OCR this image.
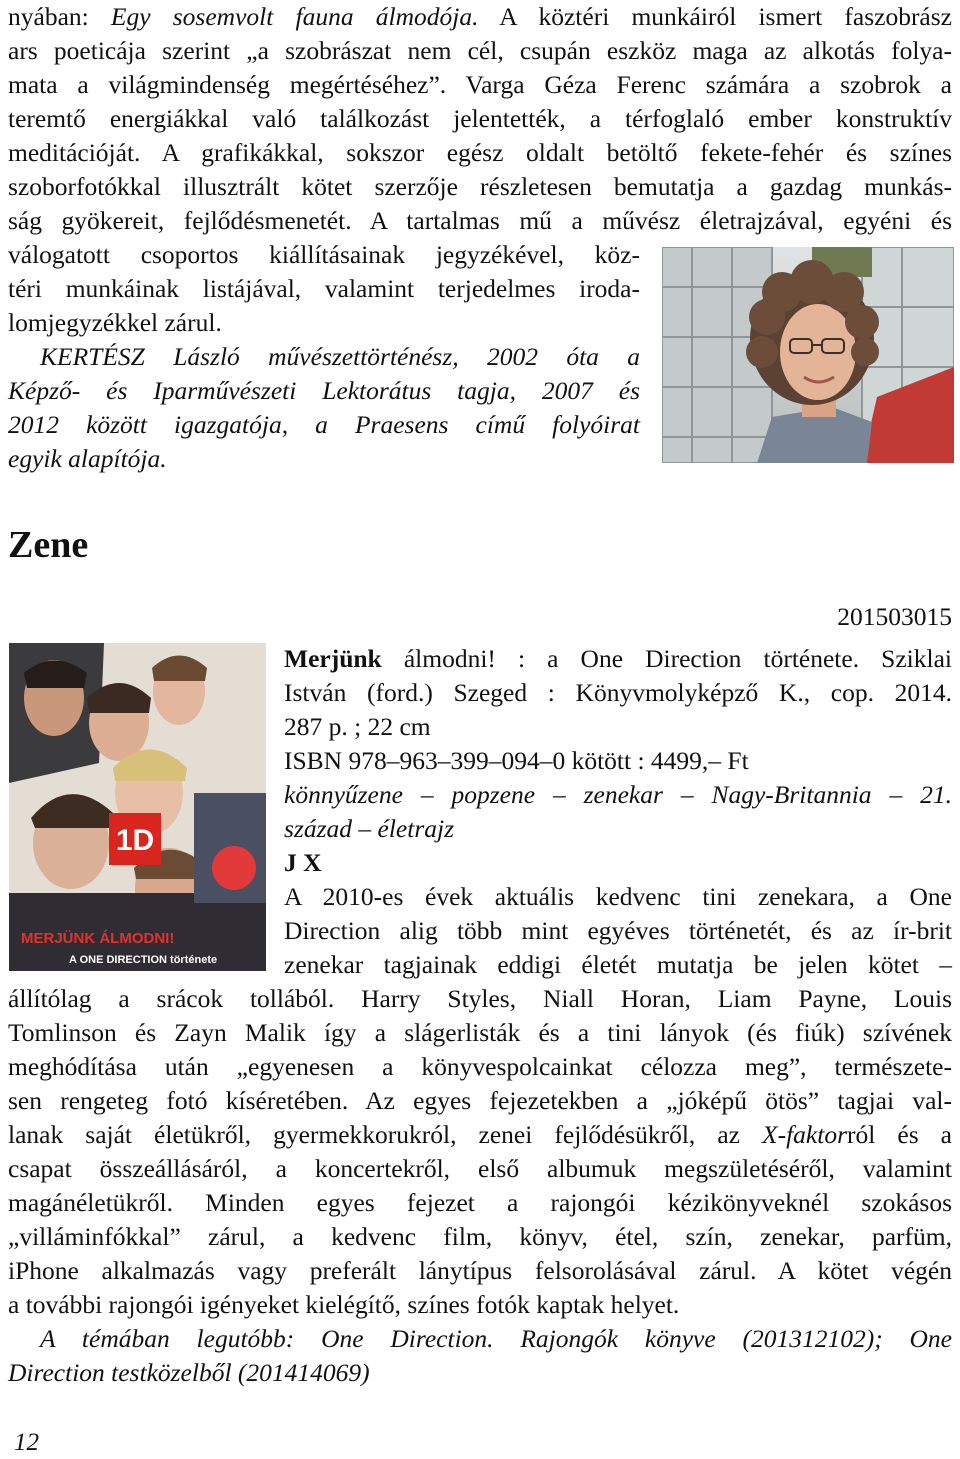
nyában: Egy sosemvolt fauna álmodója. A köztéri munkáiról ismert faszobrász
ars poeticája szerint „a szobrászat nem cél, csupán eszköz maga az alkotás folya-
mata a világmindenség megértéséhez”. Varga Géza Ferenc számára a szobrok a
teremtő energiákkal való találkozást jelentették, a térfoglaló ember konstruktív
meditációját. A grafikákkal, sokszor egész oldalt betöltő fekete-fehér és színes
szoborfotókkal illusztrált kötet szerzője részletesen bemutatja a gazdag munkás-
ság gyökereit, fejlődésmenetét. A tartalmas mű a művész életrajzával, egyéni és
válogatott csoportos kiállításainak jegyzékével, köz-
téri munkáinak listájával, valamint terjedelmes iroda-
lomjegyzékkel zárul.
KERTÉSZ László művészettörténész, 2002 óta a
Képző- és Iparművészeti Lektorátus tagja, 2007 és
2012 között igazgatója, a Praesens című folyóirat
egyik alapítója.
Zene
201503015
1D
MERJÜNK ÁLMODNI!
A ONE DIRECTION története
Merjünk álmodni! : a One Direction története. Sziklai
István (ford.) Szeged : Könyvmolyképző K., cop. 2014.
287 p. ; 22 cm
ISBN 978–963–399–094–0 kötött : 4499,– Ft
könnyűzene – popzene – zenekar – Nagy-Britannia – 21.
század – életrajz
J X
A 2010-es évek aktuális kedvenc tini zenekara, a One
Direction alig több mint egyéves történetét, és az ír-brit
zenekar tagjainak eddigi életét mutatja be jelen kötet –
állítólag a srácok tollából. Harry Styles, Niall Horan, Liam Payne, Louis
Tomlinson és Zayn Malik így a slágerlisták és a tini lányok (és fiúk) szívének
meghódítása után „egyenesen a könyvespolcainkat célozza meg”, természete-
sen rengeteg fotó kíséretében. Az egyes fejezetekben a „jóképű ötös” tagjai val-
lanak saját életükről, gyermekkorukról, zenei fejlődésükről, az X-faktorról és a
csapat összeállásáról, a koncertekről, első albumuk megszületéséről, valamint
magánéletükről. Minden egyes fejezet a rajongói kézikönyveknél szokásos
„villáminfókkal” zárul, a kedvenc film, könyv, étel, szín, zenekar, parfüm,
iPhone alkalmazás vagy preferált lánytípus felsorolásával zárul. A kötet végén
a további rajongói igényeket kielégítő, színes fotók kaptak helyet.
A témában legutóbb: One Direction. Rajongók könyve (201312102); One
Direction testközelből (201414069)
12
